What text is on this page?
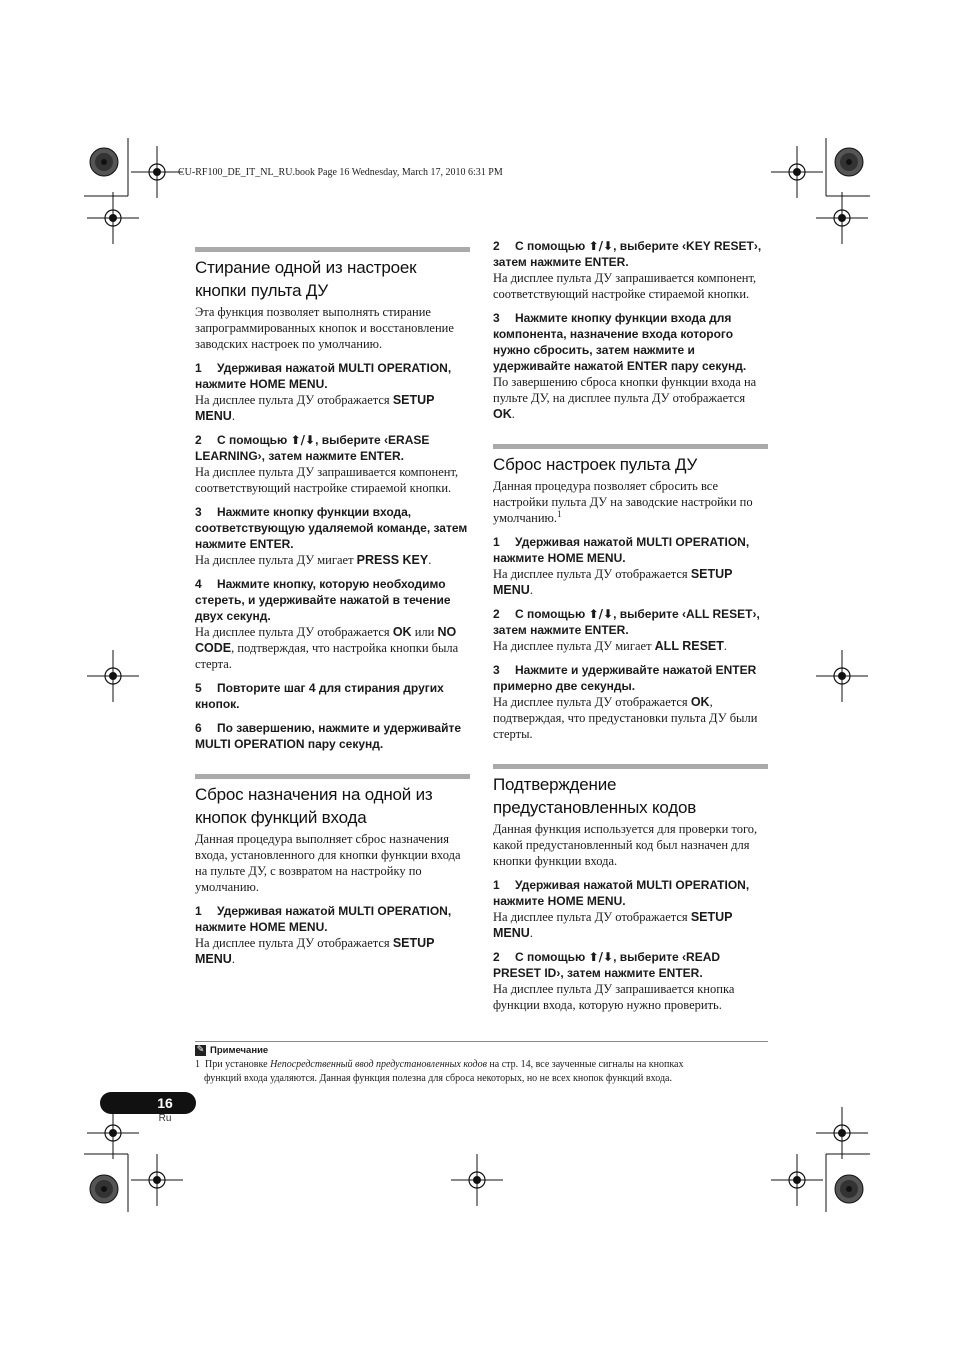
CU-RF100_DE_IT_NL_RU.book Page 16 Wednesday, March 17, 2010 6:31 PM
Стирание одной из настроек кнопки пульта ДУ

Эта функция позволяет выполнять стирание запрограммированных кнопок и восстановление заводских настроек по умолчанию.

1 Удерживая нажатой MULTI OPERATION, нажмите HOME MENU.

На дисплее пульта ДУ отображается SETUP MENU.

2 С помощью ⬆/⬇, выберите ‹ERASE LEARNING›, затем нажмите ENTER.

На дисплее пульта ДУ запрашивается компонент, соответствующий настройке стираемой кнопки.

3 Нажмите кнопку функции входа, соответствующую удаляемой команде, затем нажмите ENTER.

На дисплее пульта ДУ мигает PRESS KEY.

4 Нажмите кнопку, которую необходимо стереть, и удерживайте нажатой в течение двух секунд.

На дисплее пульта ДУ отображается OK или NO CODE, подтверждая, что настройка кнопки была стерта.

5 Повторите шаг 4 для стирания других кнопок.

6 По завершению, нажмите и удерживайте MULTI OPERATION пару секунд.

Сброс назначения на одной из кнопок функций входа

Данная процедура выполняет сброс назначения входа, установленного для кнопки функции входа на пульте ДУ, с возвратом на настройку по умолчанию.

1 Удерживая нажатой MULTI OPERATION, нажмите HOME MENU.

На дисплее пульта ДУ отображается SETUP MENU.

2 С помощью ⬆/⬇, выберите ‹KEY RESET›, затем нажмите ENTER.

На дисплее пульта ДУ запрашивается компонент, соответствующий настройке стираемой кнопки.

3 Нажмите кнопку функции входа для компонента, назначение входа которого нужно сбросить, затем нажмите и удерживайте нажатой ENTER пару секунд.

По завершению сброса кнопки функции входа на пульте ДУ, на дисплее пульта ДУ отображается OK.

Сброс настроек пульта ДУ

Данная процедура позволяет сбросить все настройки пульта ДУ на заводские настройки по умолчанию.$^1$

1 Удерживая нажатой MULTI OPERATION, нажмите HOME MENU.

На дисплее пульта ДУ отображается SETUP MENU.

2 С помощью ⬆/⬇, выберите ‹ALL RESET›, затем нажмите ENTER.

На дисплее пульта ДУ мигает ALL RESET.

3 Нажмите и удерживайте нажатой ENTER примерно две секунды.

На дисплее пульта ДУ отображается OK, подтверждая, что предустановки пульта ДУ были стерты.

Подтверждение предустановленных кодов

Данная функция используется для проверки того, какой предустановленный код был назначен для кнопки функции входа.

1 Удерживая нажатой MULTI OPERATION, нажмите HOME MENU.

На дисплее пульта ДУ отображается SETUP MENU.

2 С помощью ⬆/⬇, выберите ‹READ PRESET ID›, затем нажмите ENTER.

На дисплее пульта ДУ запрашивается кнопка функции входа, которую нужно проверить.

✎ Примечание

1 При установке Непосредственный ввод предустановленных кодов на стр. 14, все заученные сигналы на кнопках

функций входа удаляются. Данная функция полезна для сброса некоторых, но не всех кнопок функций входа.

16
Ru
